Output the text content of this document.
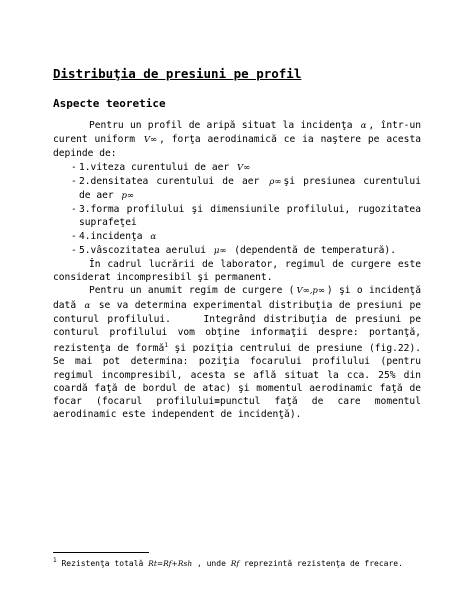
Distribuţia de presiuni pe profil
Aspecte teoretice

Pentru un profil de aripă situat la incidenţa α , într-un curent uniform V∞ , forţa aerodinamică ce ia naştere pe acesta depinde de:

- 1.viteza curentului de aer V∞
- 2.densitatea curentului de aer ρ∞ şi presiunea curentului de aer p∞
- 3.forma profilului şi dimensiunile profilului, rugozitatea suprafeţei
- 4.incidenţa α
- 5.vâscozitatea aerului μ∞ (dependentă de temperatură).

În cadrul lucrării de laborator, regimul de curgere este considerat incompresibil şi permanent.

Pentru un anumit regim de curgere ( V∞,p∞ ) şi o incidenţă dată α se va determina experimental distribuţia de presiuni pe conturul profilului.	Integrând distribuţia de presiuni pe conturul profilului vom obţine informaţii despre: portanţă, rezistenţa de formă$^1$ şi poziţia centrului de presiune (fig.22). Se mai pot determina: poziţia focarului profilului (pentru regimul incompresibil, acesta se află situat la cca. 25% din coardă faţă de bordul de atac) şi momentul aerodinamic faţă de focar (focarul profilului≡punctul faţă de care momentul aerodinamic este independent de incidenţă).

$^1$ Rezistenţa totală Rt=Rf+Rsh , unde Rf reprezintă rezistenţa de frecare.
